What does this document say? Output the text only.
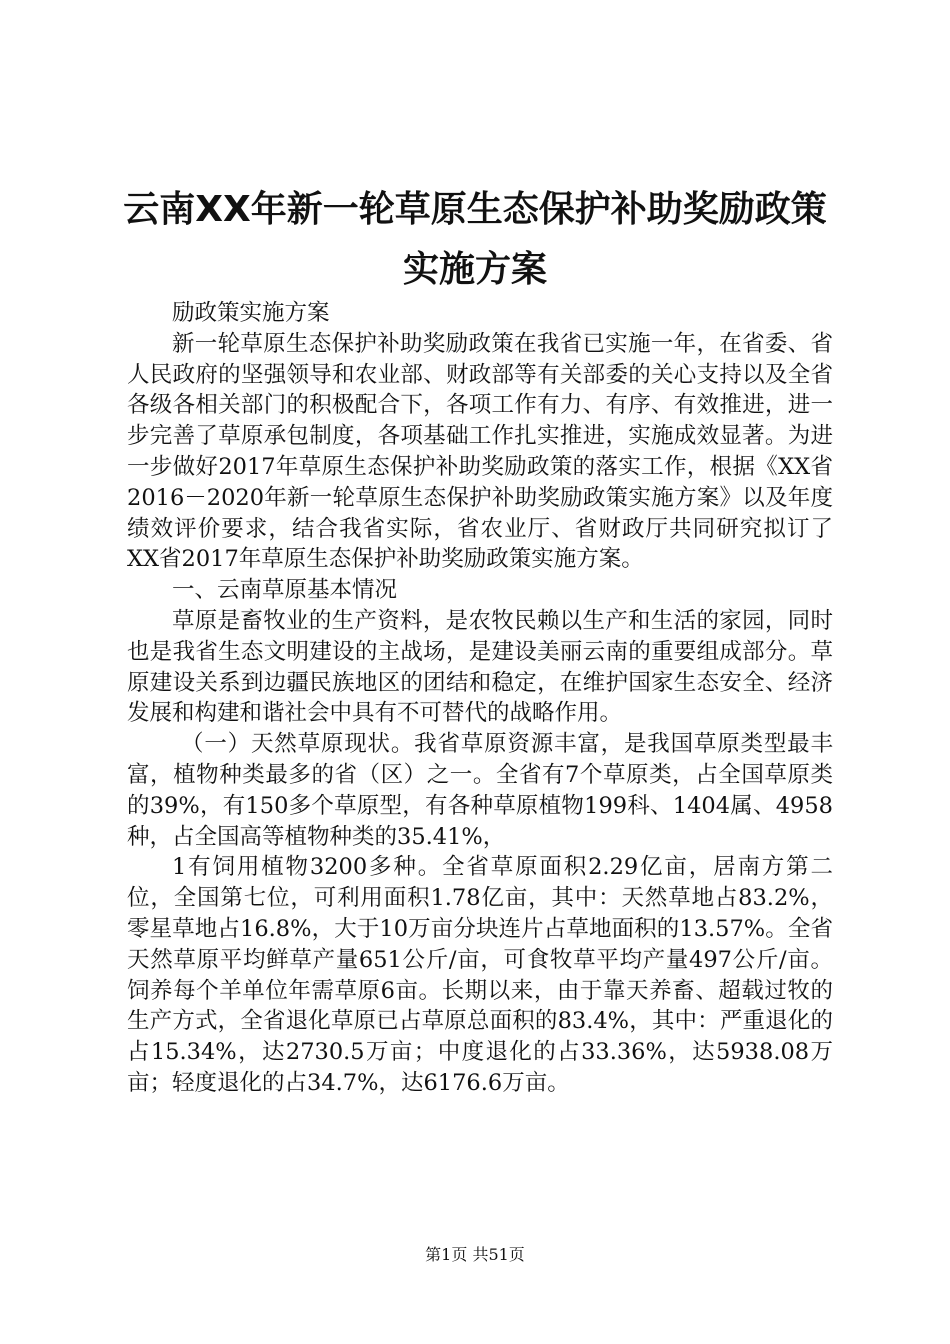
云南XX年新一轮草原生态保护补助奖励政策
实施方案

励政策实施方案

新一轮草原生态保护补助奖励政策在我省已实施一年，在省委、省人民政府的坚强领导和农业部、财政部等有关部委的关心支持以及全省各级各相关部门的积极配合下，各项工作有力、有序、有效推进，进一步完善了草原承包制度，各项基础工作扎实推进，实施成效显著。为进一步做好2017年草原生态保护补助奖励政策的落实工作，根据《XX省2016－2020年新一轮草原生态保护补助奖励政策实施方案》以及年度绩效评价要求，结合我省实际，省农业厅、省财政厅共同研究拟订了XX省2017年草原生态保护补助奖励政策实施方案。

一、云南草原基本情况

草原是畜牧业的生产资料，是农牧民赖以生产和生活的家园，同时也是我省生态文明建设的主战场，是建设美丽云南的重要组成部分。草原建设关系到边疆民族地区的团结和稳定，在维护国家生态安全、经济发展和构建和谐社会中具有不可替代的战略作用。

（一）天然草原现状。我省草原资源丰富，是我国草原类型最丰富，植物种类最多的省（区）之一。全省有7个草原类，占全国草原类的39%，有150多个草原型，有各种草原植物199科、1404属、4958种，占全国高等植物种类的35.41%，

1有饲用植物3200多种。全省草原面积2.29亿亩，居南方第二位，全国第七位，可利用面积1.78亿亩，其中：天然草地占83.2%，零星草地占16.8%，大于10万亩分块连片占草地面积的13.57%。全省天然草原平均鲜草产量651公斤/亩，可食牧草平均产量497公斤/亩。饲养每个羊单位年需草原6亩。长期以来，由于靠天养畜、超载过牧的生产方式，全省退化草原已占草原总面积的83.4%，其中：严重退化的占15.34%，达2730.5万亩；中度退化的占33.36%，达5938.08万亩；轻度退化的占34.7%，达6176.6万亩。

第1页 共51页
